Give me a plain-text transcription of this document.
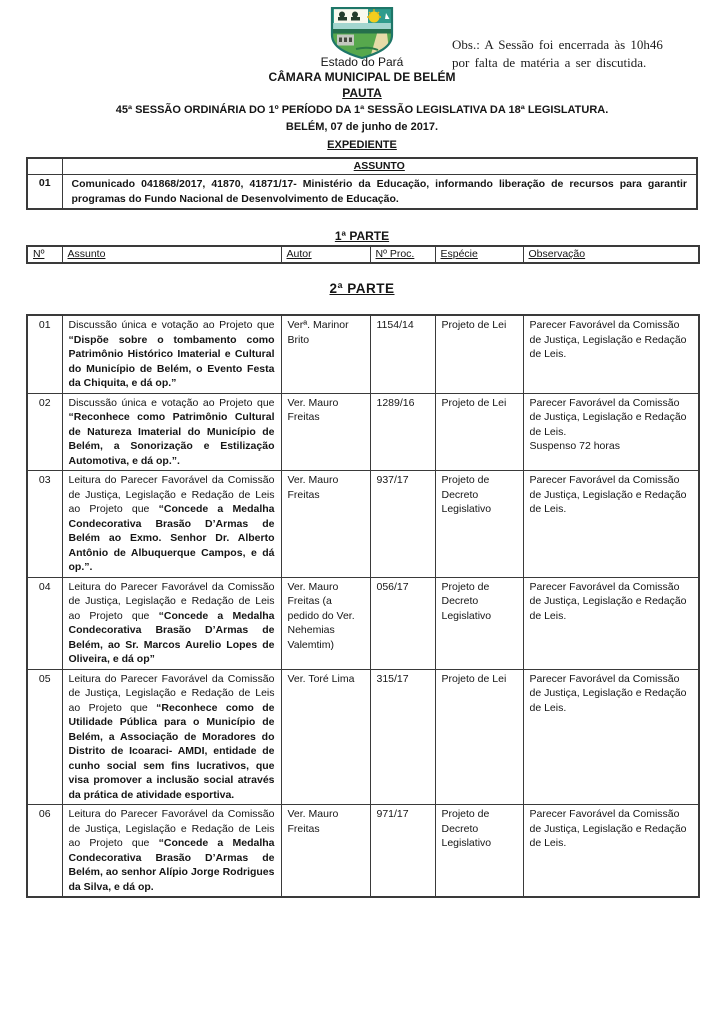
Obs.: A Sessão foi encerrada às 10h46
por falta de matéria a ser discutida.
Estado do Pará
CÂMARA MUNICIPAL DE BELÉM
PAUTA
45ª SESSÃO ORDINÁRIA DO 1º PERÍODO DA 1ª SESSÃO LEGISLATIVA DA 18ª LEGISLATURA.
BELÉM, 07 de junho de 2017.
EXPEDIENTE
	ASSUNTO
01	Comunicado 041868/2017, 41870, 41871/17- Ministério da Educação, informando liberação de recursos para garantir programas do Fundo Nacional de Desenvolvimento de Educação.
1ª PARTE
Nº	Assunto	Autor	Nº Proc.	Espécie	Observação
2ª PARTE
01	Discussão única e votação ao Projeto que “Dispõe sobre o tombamento como Patrimônio Histórico Imaterial e Cultural do Município de Belém, o Evento Festa da Chiquita, e dá op.”	Verª. Marinor Brito	1154/14	Projeto de Lei	Parecer Favorável da Comissão de Justiça, Legislação e Redação de Leis.

02	Discussão única e votação ao Projeto que “Reconhece como Patrimônio Cultural de Natureza Imaterial do Município de Belém, a Sonorização e Estilização Automotiva, e dá op.”.	Ver. Mauro Freitas	1289/16	Projeto de Lei	Parecer Favorável da Comissão de Justiça, Legislação e Redação de Leis.
Suspenso 72 horas

03	Leitura do Parecer Favorável da Comissão de Justiça, Legislação e Redação de Leis ao Projeto que “Concede a Medalha Condecorativa Brasão D’Armas de Belém ao Exmo. Senhor Dr. Alberto Antônio de Albuquerque Campos, e dá op.”.	Ver. Mauro Freitas	937/17	Projeto de Decreto Legislativo	Parecer Favorável da Comissão de Justiça, Legislação e Redação de Leis.

04	Leitura do Parecer Favorável da Comissão de Justiça, Legislação e Redação de Leis ao Projeto que “Concede a Medalha Condecorativa Brasão D’Armas de Belém, ao Sr. Marcos Aurelio Lopes de Oliveira, e dá op”	Ver. Mauro Freitas (a pedido do Ver. Nehemias Valemtim)	056/17	Projeto de Decreto Legislativo	Parecer Favorável da Comissão de Justiça, Legislação e Redação de Leis.

05	Leitura do Parecer Favorável da Comissão de Justiça, Legislação e Redação de Leis ao Projeto que “Reconhece como de Utilidade Pública para o Município de Belém, a Associação de Moradores do Distrito de Icoaraci- AMDI, entidade de cunho social sem fins lucrativos, que visa promover a inclusão social através da prática de atividade esportiva.	Ver. Toré Lima	315/17	Projeto de Lei	Parecer Favorável da Comissão de Justiça, Legislação e Redação de Leis.

06	Leitura do Parecer Favorável da Comissão de Justiça, Legislação e Redação de Leis ao Projeto que “Concede a Medalha Condecorativa Brasão D’Armas de Belém, ao senhor Alípio Jorge Rodrigues da Silva, e dá op.	Ver. Mauro Freitas	971/17	Projeto de Decreto Legislativo	Parecer Favorável da Comissão de Justiça, Legislação e Redação de Leis.
